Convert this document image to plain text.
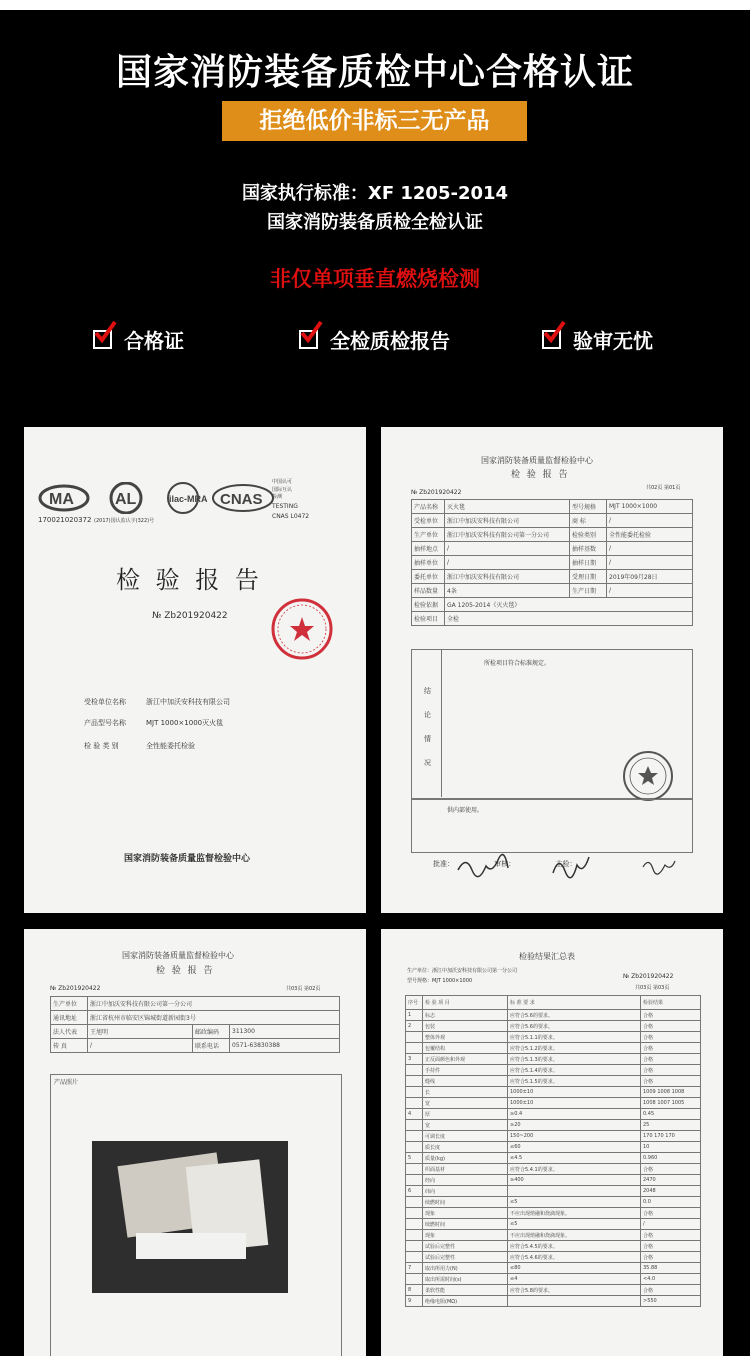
国家消防装备质检中心合格认证
拒绝低价非标三无产品
国家执行标准：XF 1205-2014
国家消防装备质检全检认证
非仅单项垂直燃烧检测
合格证	全检质检报告	验审无忧
MA	AL	ilac-MRA CNAS
170021020372 (2017)国认监认字(322)号
中国认可
国际互认
检测
TESTING
CNAS L0472
检 验 报 告
№ Zb201920422
受检单位名称	浙江中加沃安科技有限公司
产品型号名称	MJT 1000×1000灭火毯
检 验 类 别	全性能委托检验
国家消防装备质量监督检验中心
国家消防装备质量监督检验中心
检 验 报 告
№ Zb201920422
共02页 第01页
产品名称	灭火毯	型号规格	MJT 1000×1000
受检单位	浙江中加沃安科技有限公司	商 标	/
生产单位	浙江中加沃安科技有限公司第一分公司	检验类别	全性能委托检验
抽样地点	/	抽样基数	/
抽样单位	/	抽样日期	/
委托单位	浙江中加沃安科技有限公司	受理日期	2019年09月28日
样品数量	4条	生产日期	/
检验依据	GA 1205-2014《灭火毯》		
检验项目	全检		
所检项目符合标准规定。
结
论
情
况
供内部使用。
批准： 审核： 主检：
国家消防装备质量监督检验中心
检 验 报 告
№ Zb201920422	共03页 第02页
生产单位	浙江中加沃安科技有限公司第一分公司		
通讯地址	浙江省杭州市临安区锦城街道新园街3号		
法人代表	王旭明	邮政编码	311300
传 真	/	联系电话	0571-63830388
产品照片
检验结果汇总表
生产单位：浙江中加沃安科技有限公司第一分公司
型号规格：MJT 1000×1000
№ Zb201920422
共03页 第03页
序号	检 验 项 目	标 准 要 求	检验结果
1	标志	应符合5.6的要求。	合格
2	包装	应符合5.6的要求。	合格
	整体外观	应符合5.1.1的要求。	合格
	包覆结构	应符合5.1.2的要求。	合格
3	正反面颜色和外观	应符合5.1.3的要求。	合格
	手持件	应符合5.1.4的要求。	合格
	缝线	应符合5.1.5的要求。	合格
	长	1000±10	1009 1008 1008
	宽	1000±10	1008 1007 1005
4	厚	≥0.4	0.45
	宽	≥20	25
	可调长度	150~200	170 170 170
	质长度	≤60	10
5	质量(kg)	≤4.5	0.960
	织面基材	应符合5.4.1的要求。	合格
	经向	≥400	2470
6	纬向		2048
	续燃时间	≤5	0.0
	现象	不应出现熔融和烧滴现象。	合格
	续燃时间	≤5	/
	现象	不应出现熔融和烧滴现象。	合格
	试验后完整性	应符合5.4.5的要求。	合格
	试验后完整性	应符合5.4.6的要求。	合格
7	取出所用力(N)	≤80	35.88
	取出所需时间(s)	≤4	<4.0
8	柔软性能	应符合5.8的要求。	合格
9	绝缘电阻(MΩ)		>550
